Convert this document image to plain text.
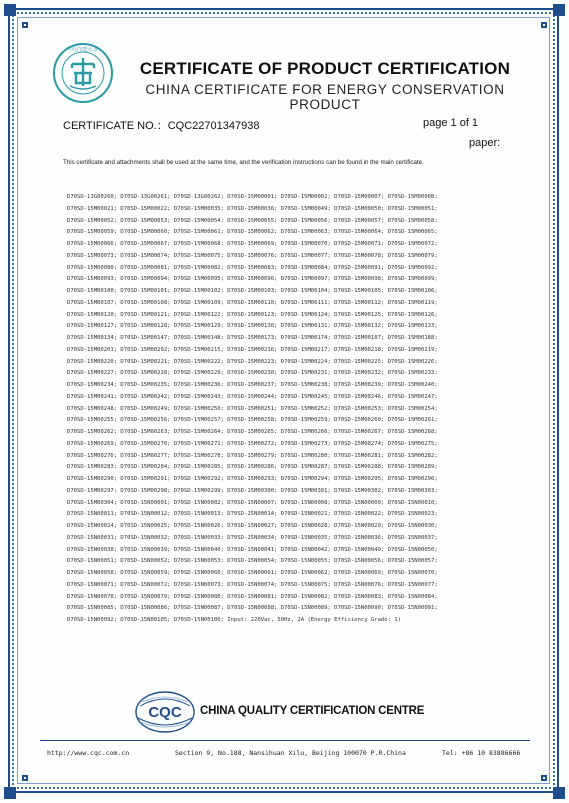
中国节能认证
CERTIFICATE OF PRODUCT CERTIFICATION
CHINA CERTIFICATE FOR ENERGY CONSERVATION PRODUCT
CERTIFICATE NO.：CQC22701347938	page 1 of 1
paper:
This certificate and attachments shall be used at the same time, and the verification instructions can be found in the main certificate.
D70SD-13G00260; D70SD-13G00261; D70SD-13G00262; D70SD-15M00001; D70SD-15M00002; D70SD-15M00007; D70SD-15M00008;
D70SD-15M00021; D70SD-15M00022; D70SD-15M00035; D70SD-15M00036; D70SD-15M00049; D70SD-15M00050; D70SD-15M00051;
D70SD-15M00052; D70SD-15M00053; D70SD-15M00054; D70SD-15M00055; D70SD-15M00056; D70SD-15M00057; D70SD-15M00058;
D70SD-15M00059; D70SD-15M00060; D70SD-15M00061; D70SD-15M00062; D70SD-15M00063; D70SD-15M00064; D70SD-15M00065;
D70SD-15M00066; D70SD-15M00067; D70SD-15M00068; D70SD-15M00069; D70SD-15M00070; D70SD-15M00071; D70SD-15M00072;
D70SD-15M00073; D70SD-15M00074; D70SD-15M00075; D70SD-15M00076; D70SD-15M00077; D70SD-15M00078; D70SD-15M00079;
D70SD-15M00080; D70SD-15M00081; D70SD-15M00082; D70SD-15M00083; D70SD-15M00084; D70SD-15M00091; D70SD-15M00092;
D70SD-15M00093; D70SD-15M00094; D70SD-15M00095; D70SD-15M00096; D70SD-15M00097; D70SD-15M00098; D70SD-15M00099;
D70SD-15M00100; D70SD-15M00101; D70SD-15M00102; D70SD-15M00103; D70SD-15M00104; D70SD-15M00105; D70SD-15M00106;
D70SD-15M00107; D70SD-15M00108; D70SD-15M00109; D70SD-15M00110; D70SD-15M00111; D70SD-15M00112; D70SD-15M00119;
D70SD-15M00120; D70SD-15M00121; D70SD-15M00122; D70SD-15M00123; D70SD-15M00124; D70SD-15M00125; D70SD-15M00126;
D70SD-15M00127; D70SD-15M00128; D70SD-15M00129; D70SD-15M00130; D70SD-15M00131; D70SD-15M00132; D70SD-15M00133;
D70SD-15M00134; D70SD-15M00147; D70SD-15M00148; D70SD-15M00173; D70SD-15M00174; D70SD-15M00187; D70SD-15M00188;
D70SD-15M00201; D70SD-15M00202; D70SD-15M00215; D70SD-15M00216; D70SD-15M00217; D70SD-15M00218; D70SD-15M00219;
D70SD-15M00220; D70SD-15M00221; D70SD-15M00222; D70SD-15M00223; D70SD-15M00224; D70SD-15M00225; D70SD-15M00226;
D70SD-15M00227; D70SD-15M00228; D70SD-15M00229; D70SD-15M00230; D70SD-15M00231; D70SD-15M00232; D70SD-15M00233;
D70SD-15M00234; D70SD-15M00235; D70SD-15M00236; D70SD-15M00237; D70SD-15M00238; D70SD-15M00239; D70SD-15M00240;
D70SD-15M00241; D70SD-15M00242; D70SD-15M00243; D70SD-15M00244; D70SD-15M00245; D70SD-15M00246; D70SD-15M00247;
D70SD-15M00248; D70SD-15M00249; D70SD-15M00250; D70SD-15M00251; D70SD-15M00252; D70SD-15M00253; D70SD-15M00254;
D70SD-15M00255; D70SD-15M00256; D70SD-15M00257; D70SD-15M00258; D70SD-15M00259; D70SD-15M00260; D70SD-15M00261;
D70SD-15M00262; D70SD-15M00263; D70SD-15M00264; D70SD-15M00265; D70SD-15M00266; D70SD-15M00267; D70SD-15M00268;
D70SD-15M00269; D70SD-15M00270; D70SD-15M00271; D70SD-15M00272; D70SD-15M00273; D70SD-15M00274; D70SD-15M00275;
D70SD-15M00276; D70SD-15M00277; D70SD-15M00278; D70SD-15M00279; D70SD-15M00280; D70SD-15M00281; D70SD-15M00282;
D70SD-15M00283; D70SD-15M00284; D70SD-15M00285; D70SD-15M00286; D70SD-15M00287; D70SD-15M00288; D70SD-15M00289;
D70SD-15M00290; D70SD-15M00291; D70SD-15M00292; D70SD-15M00293; D70SD-15M00294; D70SD-15M00295; D70SD-15M00296;
D70SD-15M00297; D70SD-15M00298; D70SD-15M00299; D70SD-15M00300; D70SD-15M00301; D70SD-15M00302; D70SD-15M00303;
D70SD-15M00304; D70SD-15N00001; D70SD-15N00002; D70SD-15N00007; D70SD-15N00008; D70SD-15N00009; D70SD-15N00010;
D70SD-15N00011; D70SD-15N00012; D70SD-15N00013; D70SD-15N00014; D70SD-15N00021; D70SD-15N00022; D70SD-15N00023;
D70SD-15N00024; D70SD-15N00025; D70SD-15N00026; D70SD-15N00027; D70SD-15N00028; D70SD-15N00029; D70SD-15N00030;
D70SD-15N00031; D70SD-15N00032; D70SD-15N00033; D70SD-15N00034; D70SD-15N00035; D70SD-15N00036; D70SD-15N00037;
D70SD-15N00038; D70SD-15N00039; D70SD-15N00040; D70SD-15N00041; D70SD-15N00042; D70SD-15N00049; D70SD-15N00050;
D70SD-15N00051; D70SD-15N00052; D70SD-15N00053; D70SD-15N00054; D70SD-15N00055; D70SD-15N00056; D70SD-15N00057;
D70SD-15N00058; D70SD-15N00059; D70SD-15N00060; D70SD-15N00061; D70SD-15N00062; D70SD-15N00069; D70SD-15N00070;
D70SD-15N00071; D70SD-15N00072; D70SD-15N00073; D70SD-15N00074; D70SD-15N00075; D70SD-15N00076; D70SD-15N00077;
D70SD-15N00078; D70SD-15N00079; D70SD-15N00080; D70SD-15N00081; D70SD-15N00082; D70SD-15N00083; D70SD-15N00084;
D70SD-15N00085; D70SD-15N00086; D70SD-15N00087; D70SD-15N00088; D70SD-15N00089; D70SD-15N00090; D70SD-15N00091;
D70SD-15N00092; D70SD-15N00105; D70SD-15N00106; Input: 220Vac, 50Hz, 2A (Energy Efficiency Grade: 1)
CQC CHINA QUALITY CERTIFICATION CENTRE
http://www.cqc.com.cn	Section 9, No.188, Nansihuan Xilu, Beijing 100070 P.R.China	Tel: +86 10 83886666
